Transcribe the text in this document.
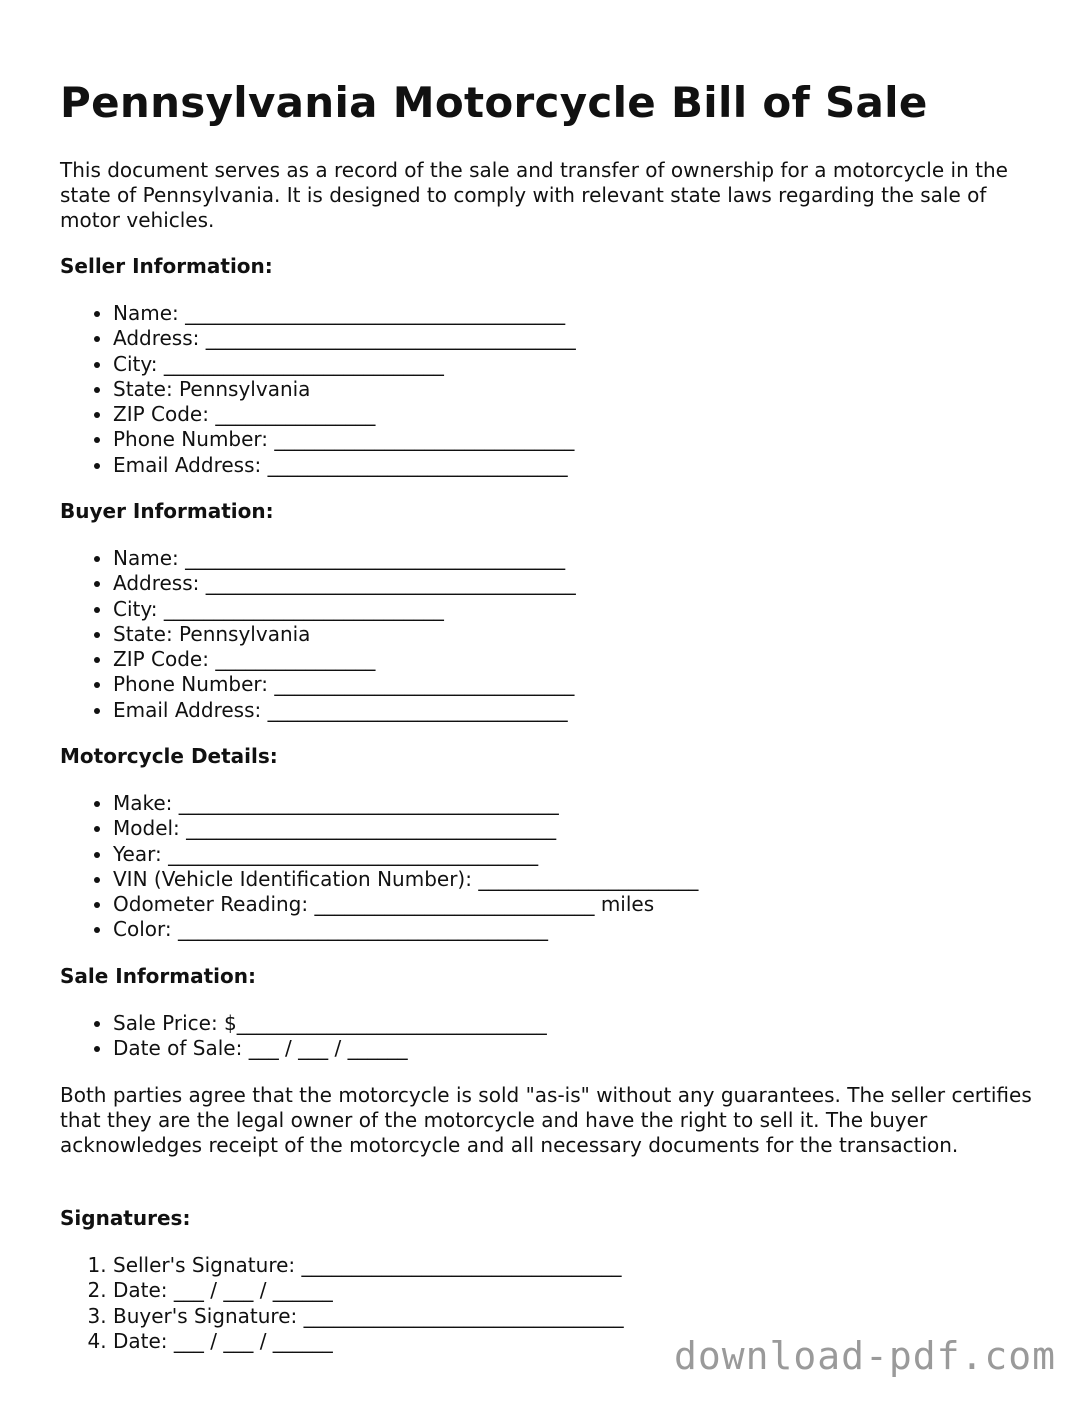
Pennsylvania Motorcycle Bill of Sale

This document serves as a record of the sale and transfer of ownership for a motorcycle in the state of Pennsylvania. It is designed to comply with relevant state laws regarding the sale of motor vehicles.

Seller Information:

• Name: ______________________________________
• Address: _____________________________________
• City: ____________________________
• State: Pennsylvania
• ZIP Code: ________________
• Phone Number: ______________________________
• Email Address: ______________________________

Buyer Information:

• Name: ______________________________________
• Address: _____________________________________
• City: ____________________________
• State: Pennsylvania
• ZIP Code: ________________
• Phone Number: ______________________________
• Email Address: ______________________________

Motorcycle Details:

• Make: ______________________________________
• Model: _____________________________________
• Year: _____________________________________
• VIN (Vehicle Identification Number): ______________________
• Odometer Reading: ____________________________ miles
• Color: _____________________________________

Sale Information:

• Sale Price: $_______________________________
• Date of Sale: ___ / ___ / ______

Both parties agree that the motorcycle is sold "as-is" without any guarantees. The seller certifies that they are the legal owner of the motorcycle and have the right to sell it. The buyer acknowledges receipt of the motorcycle and all necessary documents for the transaction.

Signatures:

1. Seller's Signature: ________________________________
2. Date: ___ / ___ / ______
3. Buyer's Signature: ________________________________
4. Date: ___ / ___ / ______	download-pdf.com
